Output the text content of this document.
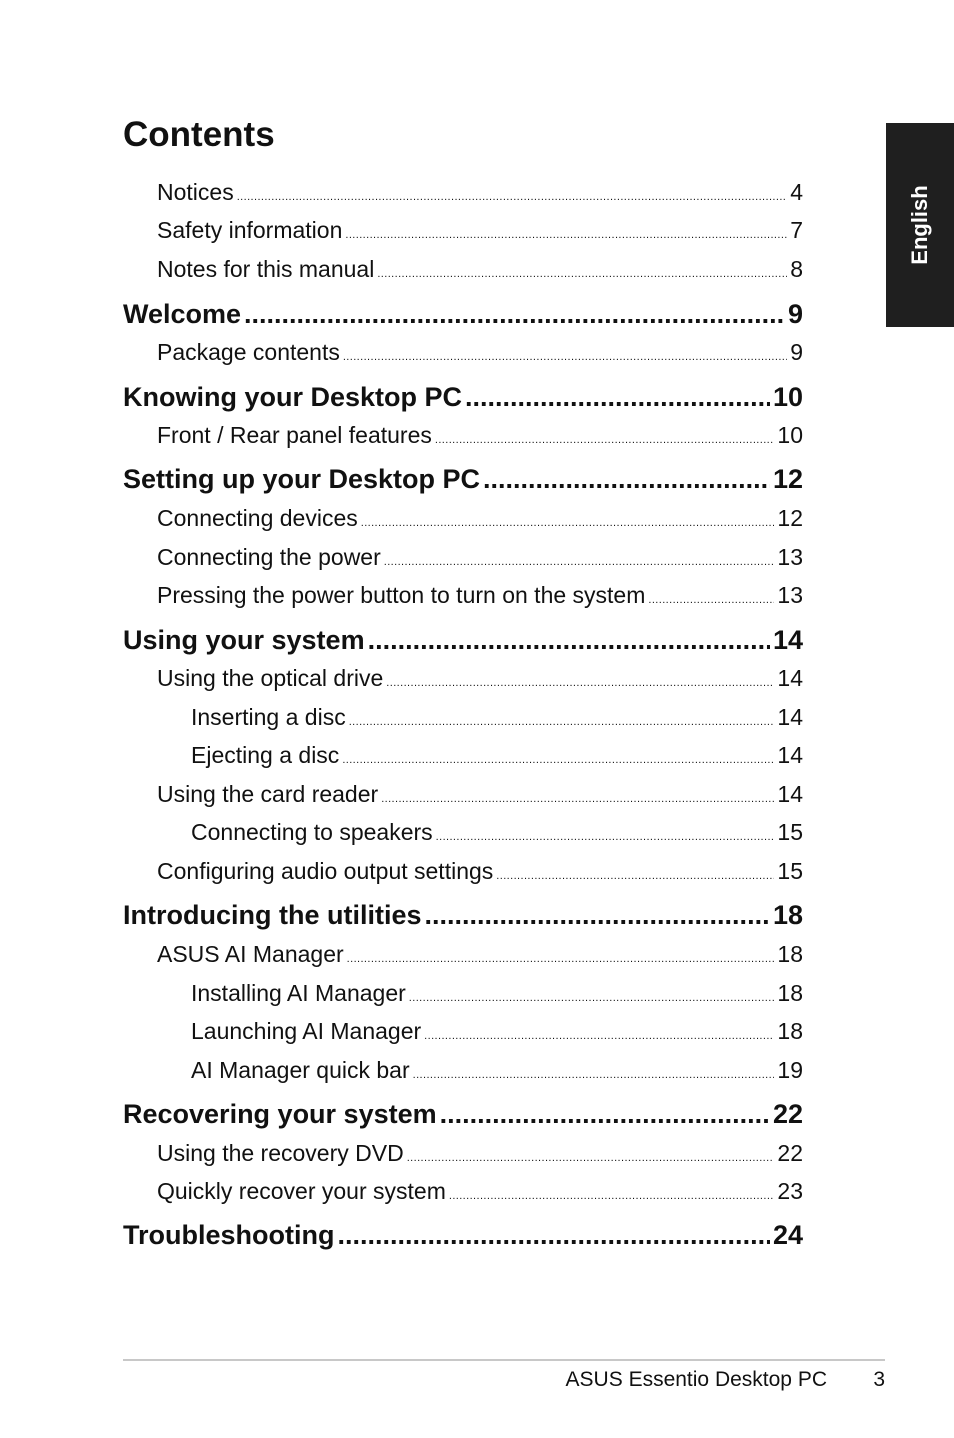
Contents
English
Notices .....	4
Safety information .....	7
Notes for this manual .....	8
Welcome .....	9
Package contents .....	9
Knowing your Desktop PC .....	10
Front / Rear panel features .....	10
Setting up your Desktop PC .....	12
Connecting devices .....	12
Connecting the power .....	13
Pressing the power button to turn on the system .....	13
Using your system .....	14
Using the optical drive .....	14
Inserting a disc .....	14
Ejecting a disc .....	14
Using the card reader .....	14
Connecting to speakers .....	15
Configuring audio output settings .....	15
Introducing the utilities .....	18
ASUS AI Manager .....	18
Installing AI Manager .....	18
Launching AI Manager .....	18
AI Manager quick bar .....	19
Recovering your system .....	22
Using the recovery DVD .....	22
Quickly recover your system .....	23
Troubleshooting .....	24
ASUS Essentio Desktop PC 3
